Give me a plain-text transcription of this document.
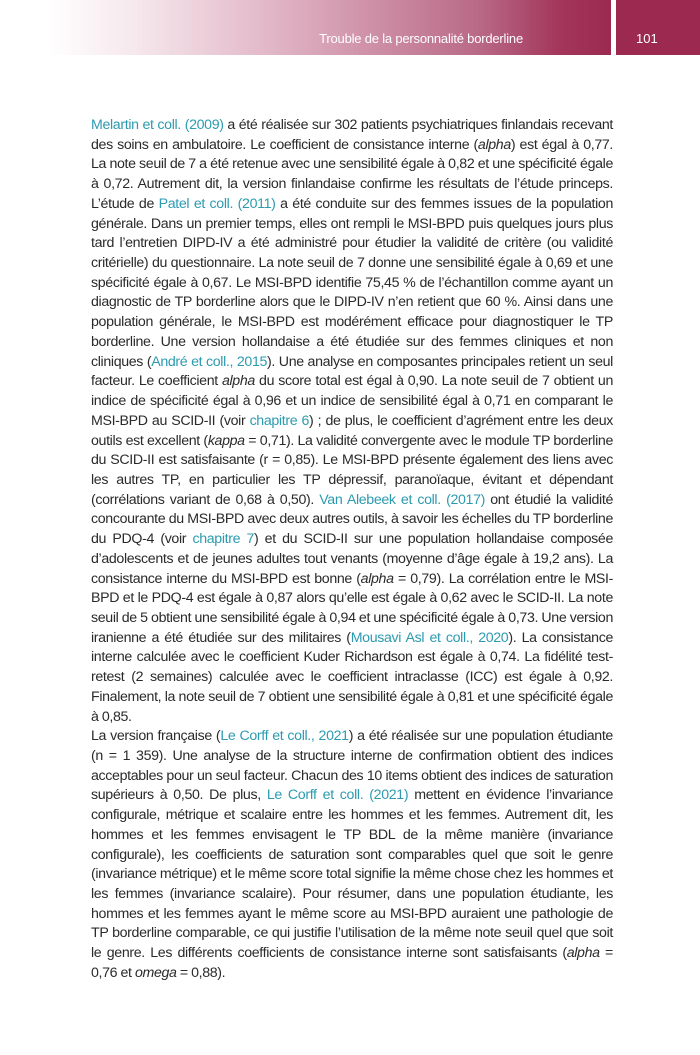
Trouble de la personnalité borderline	101

Melartin et coll. (2009) a été réalisée sur 302 patients psychiatriques finlandais recevant des soins en ambulatoire. Le coefficient de consistance interne (alpha) est égal à 0,77. La note seuil de 7 a été retenue avec une sensibilité égale à 0,82 et une spécificité égale à 0,72. Autrement dit, la version finlandaise confirme les résultats de l’étude princeps. L’étude de Patel et coll. (2011) a été conduite sur des femmes issues de la population générale. Dans un premier temps, elles ont rempli le MSI-BPD puis quelques jours plus tard l’entretien DIPD-IV a été administré pour étudier la validité de critère (ou validité critérielle) du questionnaire. La note seuil de 7 donne une sensibilité égale à 0,69 et une spécificité égale à 0,67. Le MSI-BPD identifie 75,45 % de l’échantillon comme ayant un diagnostic de TP borderline alors que le DIPD-IV n’en retient que 60 %. Ainsi dans une population générale, le MSI-BPD est modérément efficace pour diagnostiquer le TP borderline. Une version hollandaise a été étudiée sur des femmes cliniques et non cliniques (André et coll., 2015). Une analyse en composantes principales retient un seul facteur. Le coefficient alpha du score total est égal à 0,90. La note seuil de 7 obtient un indice de spécificité égal à 0,96 et un indice de sensibilité égal à 0,71 en comparant le MSI-BPD au SCID-II (voir chapitre 6) ; de plus, le coefficient d’agrément entre les deux outils est excellent (kappa = 0,71). La validité convergente avec le module TP borderline du SCID-II est satisfaisante (r = 0,85). Le MSI-BPD présente également des liens avec les autres TP, en particulier les TP dépressif, paranoïaque, évitant et dépendant (corrélations variant de 0,68 à 0,50). Van Alebeek et coll. (2017) ont étudié la validité concourante du MSI-BPD avec deux autres outils, à savoir les échelles du TP borderline du PDQ-4 (voir chapitre 7) et du SCID-II sur une population hollandaise composée d’adolescents et de jeunes adultes tout venants (moyenne d’âge égale à 19,2 ans). La consistance interne du MSI-BPD est bonne (alpha = 0,79). La corrélation entre le MSI-BPD et le PDQ-4 est égale à 0,87 alors qu’elle est égale à 0,62 avec le SCID-II. La note seuil de 5 obtient une sensibilité égale à 0,94 et une spécificité égale à 0,73. Une version iranienne a été étudiée sur des militaires (Mousavi Asl et coll., 2020). La consistance interne calculée avec le coefficient Kuder Richardson est égale à 0,74. La fidélité test-retest (2 semaines) calculée avec le coefficient intraclasse (ICC) est égale à 0,92. Finalement, la note seuil de 7 obtient une sensibilité égale à 0,81 et une spécificité égale à 0,85.

La version française (Le Corff et coll., 2021) a été réalisée sur une population étudiante (n = 1 359). Une analyse de la structure interne de confirmation obtient des indices acceptables pour un seul facteur. Chacun des 10 items obtient des indices de saturation supérieurs à 0,50. De plus, Le Corff et coll. (2021) mettent en évidence l’invariance configurale, métrique et scalaire entre les hommes et les femmes. Autrement dit, les hommes et les femmes envisagent le TP BDL de la même manière (invariance configurale), les coefficients de saturation sont comparables quel que soit le genre (invariance métrique) et le même score total signifie la même chose chez les hommes et les femmes (invariance scalaire). Pour résumer, dans une population étudiante, les hommes et les femmes ayant le même score au MSI-BPD auraient une pathologie de TP borderline comparable, ce qui justifie l’utilisation de la même note seuil quel que soit le genre. Les différents coefficients de consistance interne sont satisfaisants (alpha = 0,76 et omega = 0,88).
